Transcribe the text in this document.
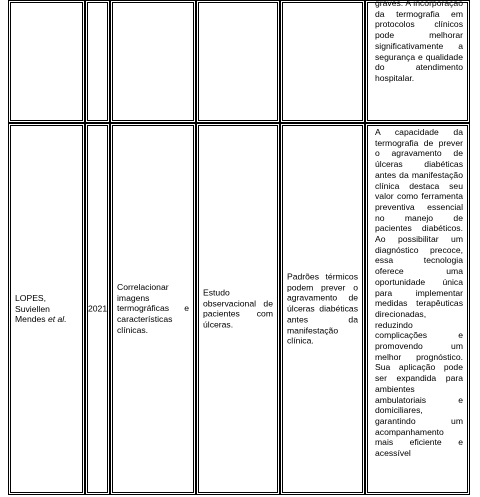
graves. A incorporação da termografia em protocolos clínicos pode melhorar significativamente a segurança e qualidade do atendimento hospitalar.
LOPES, Suviellen Mendes et al.
2021
Correlacionar imagens termográficas e características clínicas.
Estudo observacional de pacientes com úlceras.
Padrões térmicos podem prever o agravamento de úlceras diabéticas antes da manifestação clínica.
A capacidade da termografia de prever o agravamento de úlceras diabéticas antes da manifestação clínica destaca seu valor como ferramenta preventiva essencial no manejo de pacientes diabéticos. Ao possibilitar um diagnóstico precoce, essa tecnologia oferece uma oportunidade única para implementar medidas terapêuticas direcionadas, reduzindo complicações e promovendo um melhor prognóstico. Sua aplicação pode ser expandida para ambientes ambulatoriais e domiciliares, garantindo um acompanhamento mais eficiente e acessível
